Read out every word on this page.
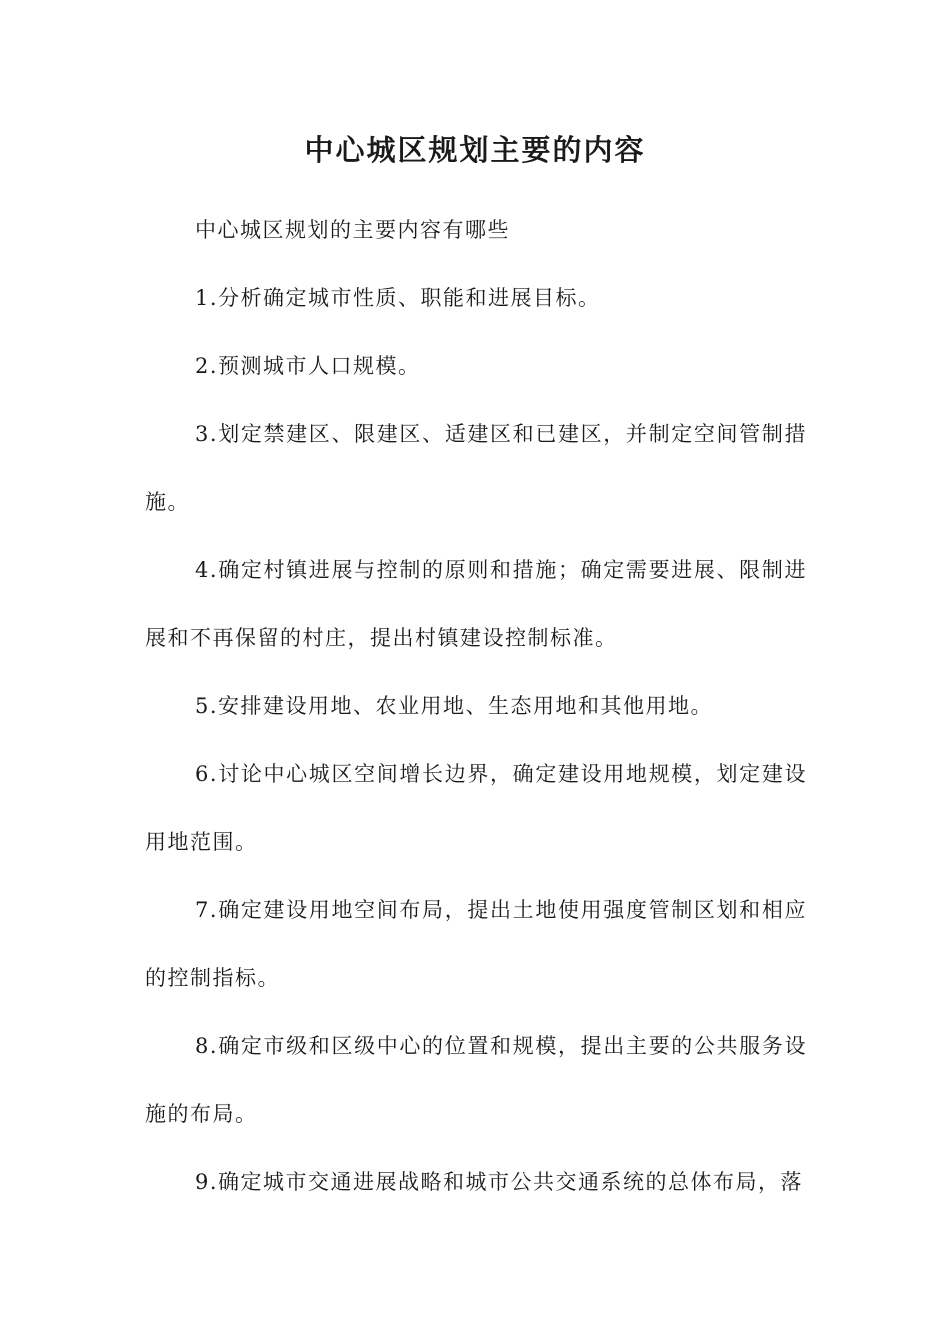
中心城区规划主要的内容

中心城区规划的主要内容有哪些

1.分析确定城市性质、职能和进展目标。

2.预测城市人口规模。

3.划定禁建区、限建区、适建区和已建区，并制定空间管制措施。

4.确定村镇进展与控制的原则和措施；确定需要进展、限制进展和不再保留的村庄，提出村镇建设控制标准。

5.安排建设用地、农业用地、生态用地和其他用地。

6.讨论中心城区空间增长边界，确定建设用地规模，划定建设用地范围。

7.确定建设用地空间布局，提出土地使用强度管制区划和相应的控制指标。

8.确定市级和区级中心的位置和规模，提出主要的公共服务设施的布局。

9.确定城市交通进展战略和城市公共交通系统的总体布局，落
